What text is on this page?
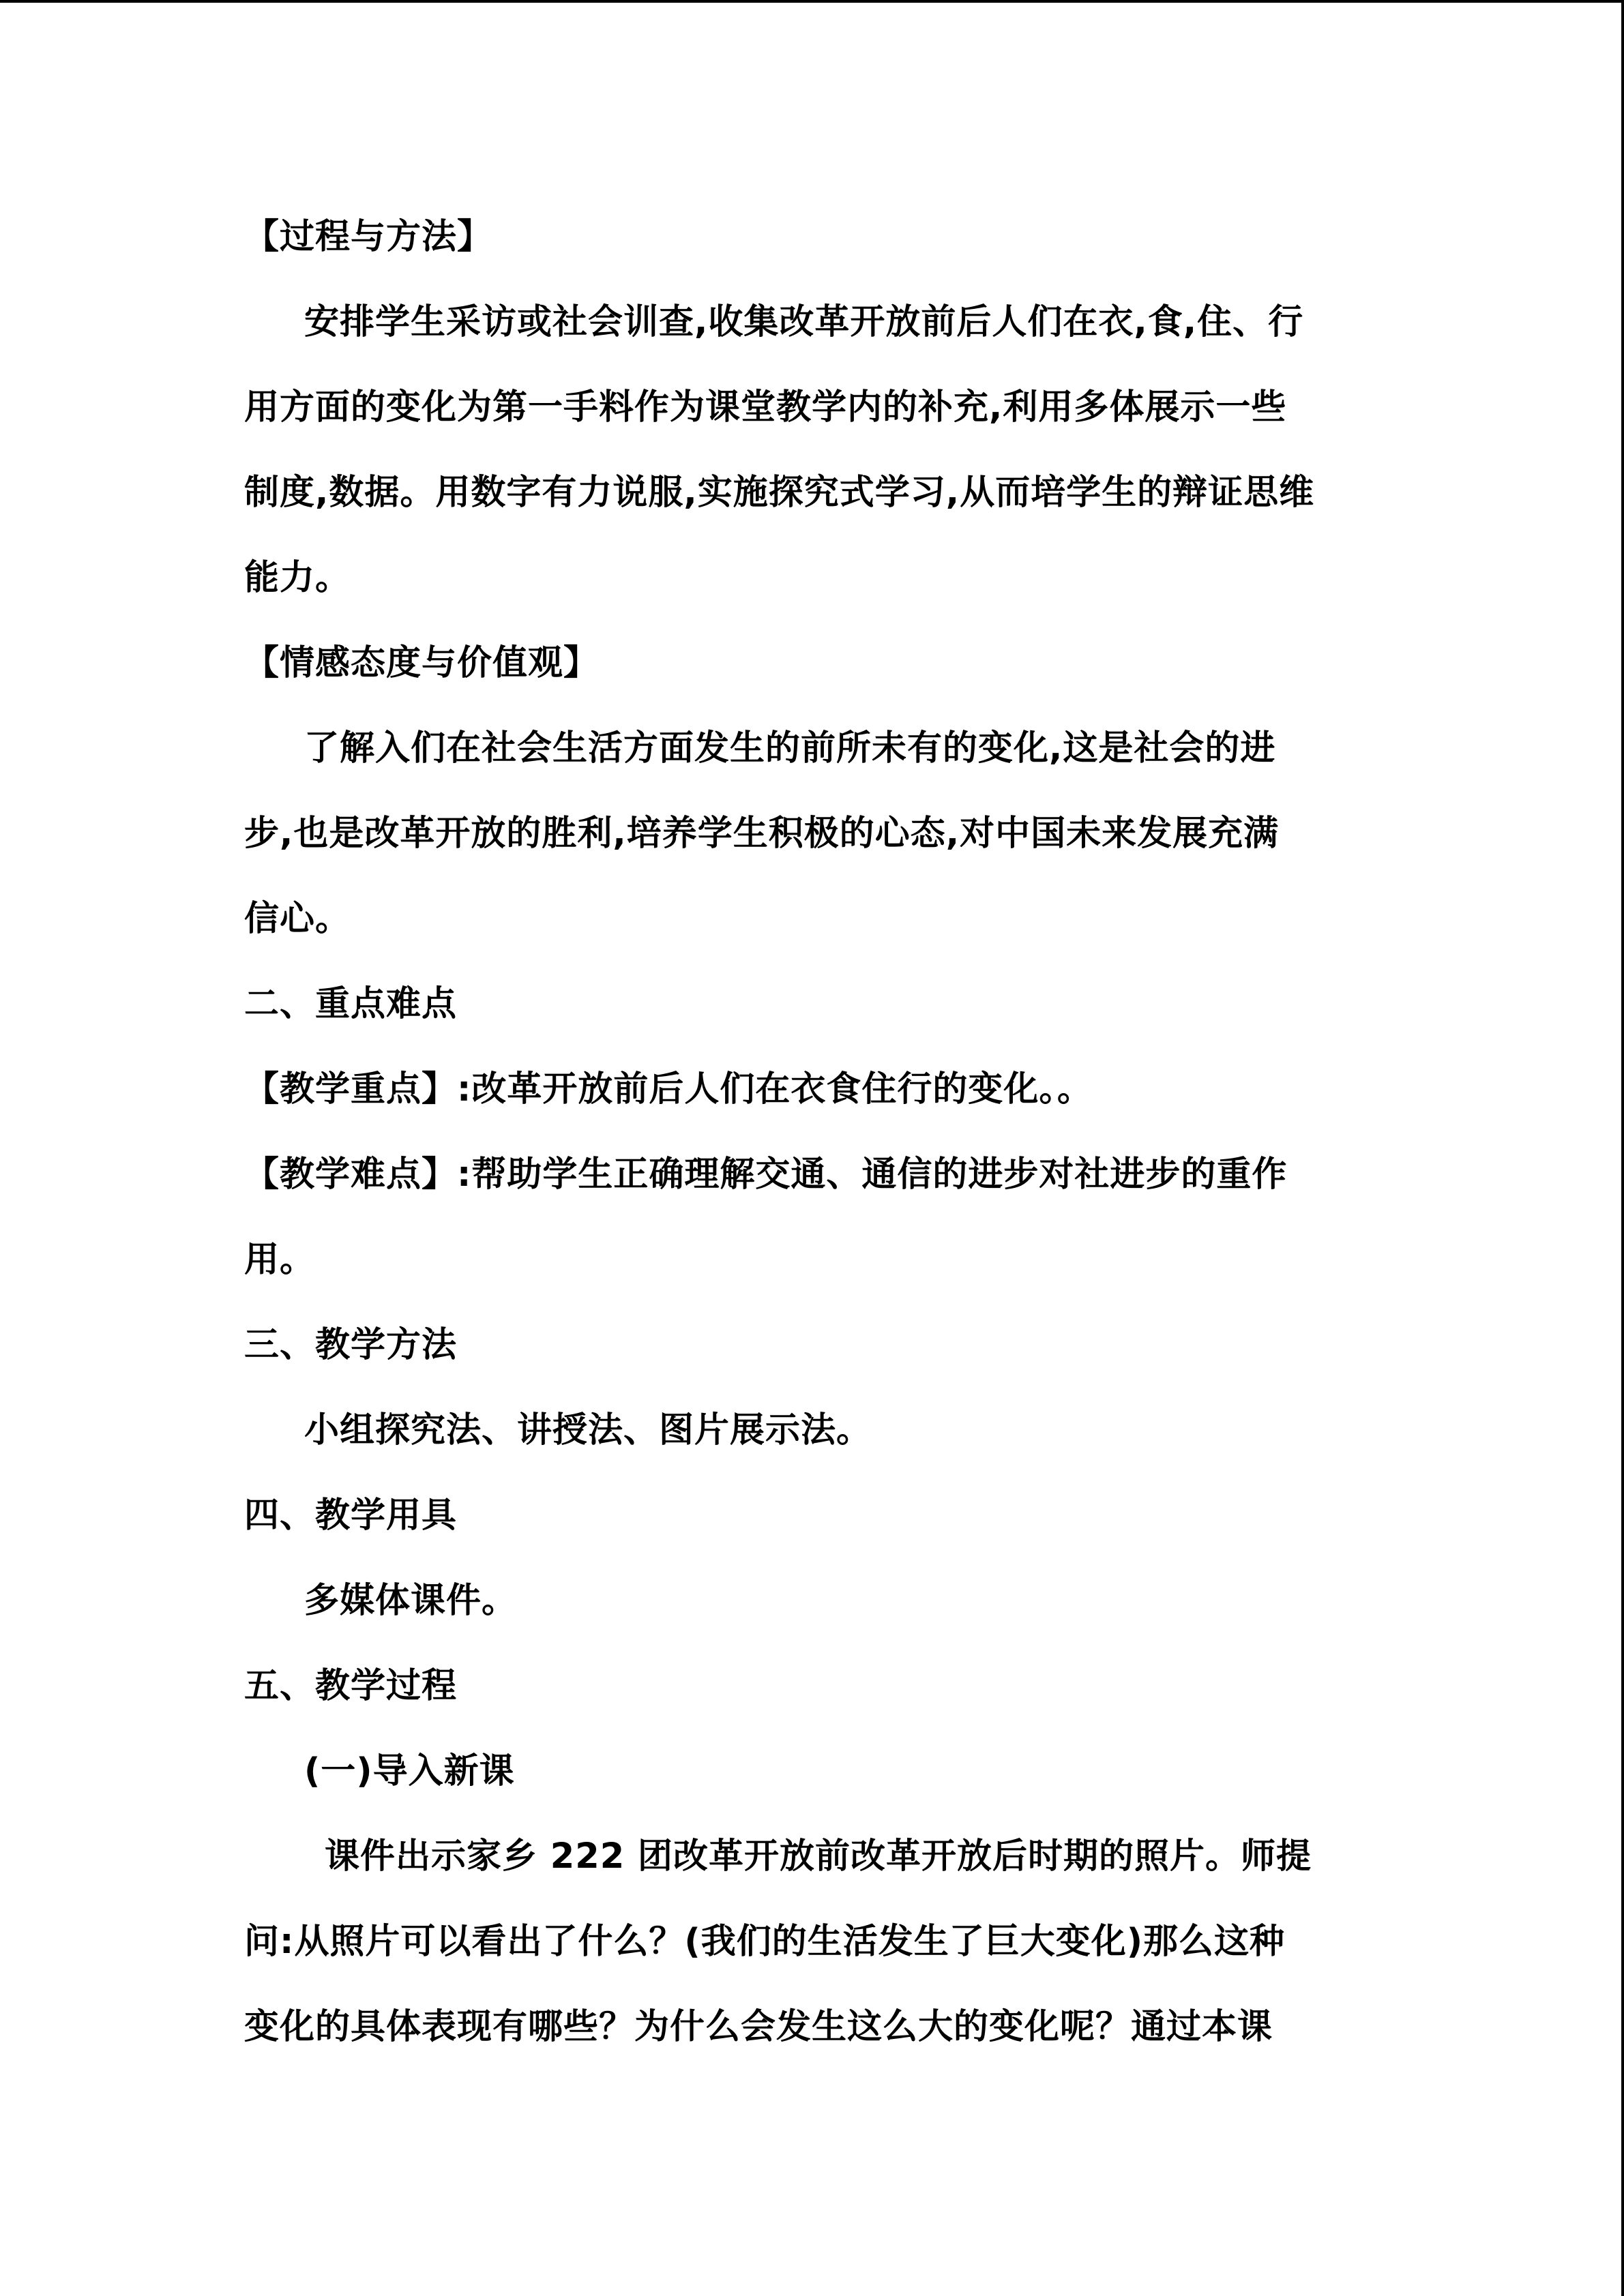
【过程与方法】
安排学生采访或社会训查,收集改革开放前后人们在衣,食,住、行
用方面的变化为第一手料作为课堂教学内的补充,利用多体展示一些
制度,数据。用数字有力说服,实施探究式学习,从而培学生的辩证思维
能力。
【情感态度与价值观】
了解入们在社会生活方面发生的前所未有的变化,这是社会的进
步,也是改革开放的胜利,培养学生积极的心态,对中国未来发展充满
信心。
二、重点难点
【教学重点】:改革开放前后人们在衣食住行的变化。。
【教学难点】:帮助学生正确理解交通、通信的进步对社进步的重作
用。
三、教学方法
小组探究法、讲授法、图片展示法。
四、教学用具
多媒体课件。
五、教学过程
(一)导入新课
课件出示家乡 222 团改革开放前改革开放后时期的照片。师提
问:从照片可以看出了什么？(我们的生活发生了巨大变化)那么这种
变化的具体表现有哪些？为什么会发生这么大的变化呢？通过本课
